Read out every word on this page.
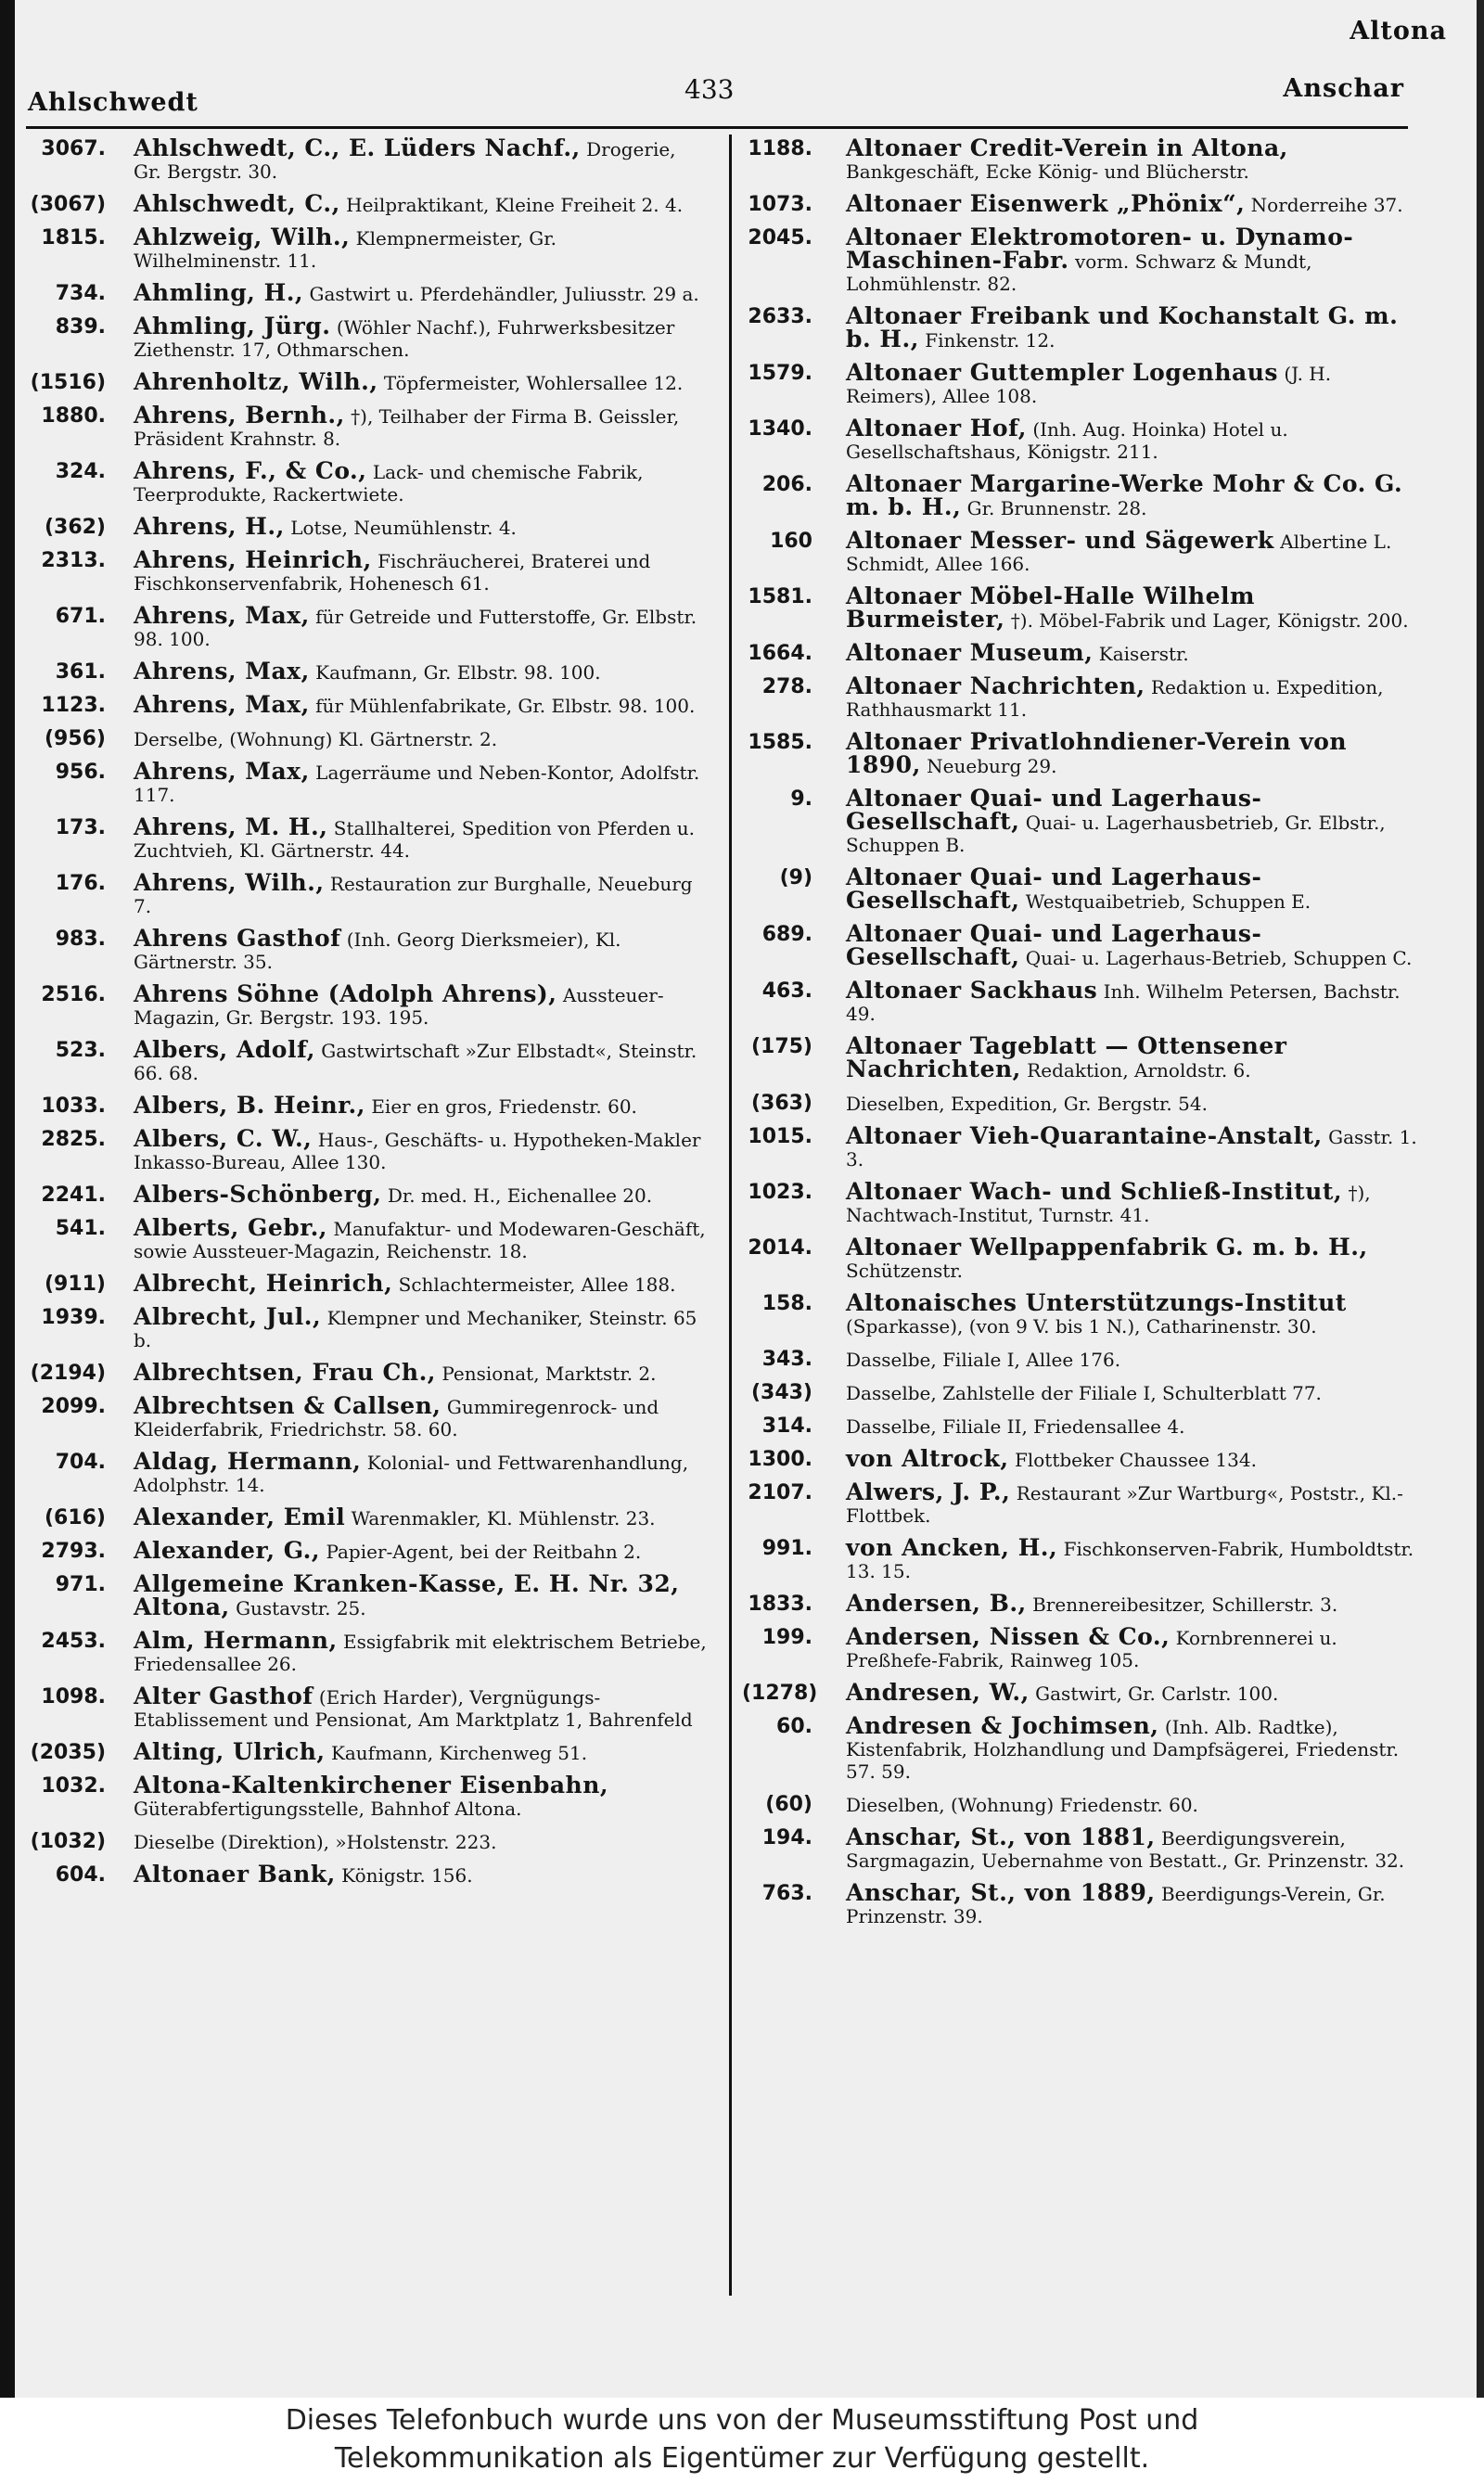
Ahlschwedt	433
Altona
Anschar
3067. Ahlschwedt, C., E. Lüders Nachf., Drogerie, Gr. Bergstr. 30.
(3067) Ahlschwedt, C., Heilpraktikant, Kleine Freiheit 2. 4.
1815. Ahlzweig, Wilh., Klempnermeister, Gr. Wilhelminenstr. 11.
734. Ahmling, H., Gastwirt u. Pferdehändler, Juliusstr. 29 a.
839. Ahmling, Jürg. (Wöhler Nachf.), Fuhrwerksbesitzer Ziethenstr. 17, Othmarschen.
(1516) Ahrenholtz, Wilh., Töpfermeister, Wohlersallee 12.
1880. Ahrens, Bernh., †), Teilhaber der Firma B. Geissler, Präsident Krahnstr. 8.
324. Ahrens, F., & Co., Lack- und chemische Fabrik, Teerprodukte, Rackertwiete.
(362) Ahrens, H., Lotse, Neumühlenstr. 4.
2313. Ahrens, Heinrich, Fischräucherei, Braterei und Fischkonservenfabrik, Hohenesch 61.
671. Ahrens, Max, für Getreide und Futterstoffe, Gr. Elbstr. 98. 100.
361. Ahrens, Max, Kaufmann, Gr. Elbstr. 98. 100.
1123. Ahrens, Max, für Mühlenfabrikate, Gr. Elbstr. 98. 100.
(956) Derselbe, (Wohnung) Kl. Gärtnerstr. 2.
956. Ahrens, Max, Lagerräume und Neben-Kontor, Adolfstr. 117.
173. Ahrens, M. H., Stallhalterei, Spedition von Pferden u. Zuchtvieh, Kl. Gärtnerstr. 44.
176. Ahrens, Wilh., Restauration zur Burghalle, Neueburg 7.
983. Ahrens Gasthof (Inh. Georg Dierksmeier), Kl. Gärtnerstr. 35.
2516. Ahrens Söhne (Adolph Ahrens), Aussteuer-Magazin, Gr. Bergstr. 193. 195.
523. Albers, Adolf, Gastwirtschaft »Zur Elbstadt«, Steinstr. 66. 68.
1033. Albers, B. Heinr., Eier en gros, Friedenstr. 60.
2825. Albers, C. W., Haus-, Geschäfts- u. Hypotheken-Makler Inkasso-Bureau, Allee 130.
2241. Albers-Schönberg, Dr. med. H., Eichenallee 20.
541. Alberts, Gebr., Manufaktur- und Modewaren-Geschäft, sowie Aussteuer-Magazin, Reichenstr. 18.
(911) Albrecht, Heinrich, Schlachtermeister, Allee 188.
1939. Albrecht, Jul., Klempner und Mechaniker, Steinstr. 65 b.
(2194) Albrechtsen, Frau Ch., Pensionat, Marktstr. 2.
2099. Albrechtsen & Callsen, Gummiregenrock- und Kleiderfabrik, Friedrichstr. 58. 60.
704. Aldag, Hermann, Kolonial- und Fettwarenhandlung, Adolphstr. 14.
(616) Alexander, Emil Warenmakler, Kl. Mühlenstr. 23.
2793. Alexander, G., Papier-Agent, bei der Reitbahn 2.
971. Allgemeine Kranken-Kasse, E. H. Nr. 32, Altona, Gustavstr. 25.
2453. Alm, Hermann, Essigfabrik mit elektrischem Betriebe, Friedensallee 26.
1098. Alter Gasthof (Erich Harder), Vergnügungs-Etablissement und Pensionat, Am Marktplatz 1, Bahrenfeld
(2035) Alting, Ulrich, Kaufmann, Kirchenweg 51.
1032. Altona-Kaltenkirchener Eisenbahn, Güterabfertigungsstelle, Bahnhof Altona.
(1032) Dieselbe (Direktion), »Holstenstr. 223.
604. Altonaer Bank, Königstr. 156.
1188. Altonaer Credit-Verein in Altona, Bankgeschäft, Ecke König- und Blücherstr.
1073. Altonaer Eisenwerk „Phönix“, Norderreihe 37.
2045. Altonaer Elektromotoren- u. Dynamo-Maschinen-Fabr. vorm. Schwarz & Mundt, Lohmühlenstr. 82.
2633. Altonaer Freibank und Kochanstalt G. m. b. H., Finkenstr. 12.
1579. Altonaer Guttempler Logenhaus (J. H. Reimers), Allee 108.
1340. Altonaer Hof, (Inh. Aug. Hoinka) Hotel u. Gesellschaftshaus, Königstr. 211.
206. Altonaer Margarine-Werke Mohr & Co. G. m. b. H., Gr. Brunnenstr. 28.
160 Altonaer Messer- und Sägewerk Albertine L. Schmidt, Allee 166.
1581. Altonaer Möbel-Halle Wilhelm Burmeister, †). Möbel-Fabrik und Lager, Königstr. 200.
1664. Altonaer Museum, Kaiserstr.
278. Altonaer Nachrichten, Redaktion u. Expedition, Rathhausmarkt 11.
1585. Altonaer Privatlohndiener-Verein von 1890, Neueburg 29.
9. Altonaer Quai- und Lagerhaus-Gesellschaft, Quai- u. Lagerhausbetrieb, Gr. Elbstr., Schuppen B.
(9) Altonaer Quai- und Lagerhaus-Gesellschaft, Westquaibetrieb, Schuppen E.
689. Altonaer Quai- und Lagerhaus-Gesellschaft, Quai- u. Lagerhaus-Betrieb, Schuppen C.
463. Altonaer Sackhaus Inh. Wilhelm Petersen, Bachstr. 49.
(175) Altonaer Tageblatt — Ottensener Nachrichten, Redaktion, Arnoldstr. 6.
(363) Dieselben, Expedition, Gr. Bergstr. 54.
1015. Altonaer Vieh-Quarantaine-Anstalt, Gasstr. 1. 3.
1023. Altonaer Wach- und Schließ-Institut, †), Nachtwach-Institut, Turnstr. 41.
2014. Altonaer Wellpappenfabrik G. m. b. H., Schützenstr.
158. Altonaisches Unterstützungs-Institut (Sparkasse), (von 9 V. bis 1 N.), Catharinenstr. 30.
343. Dasselbe, Filiale I, Allee 176.
(343) Dasselbe, Zahlstelle der Filiale I, Schulterblatt 77.
314. Dasselbe, Filiale II, Friedensallee 4.
1300. von Altrock, Flottbeker Chaussee 134.
2107. Alwers, J. P., Restaurant »Zur Wartburg«, Poststr., Kl.-Flottbek.
991. von Ancken, H., Fischkonserven-Fabrik, Humboldtstr. 13. 15.
1833. Andersen, B., Brennereibesitzer, Schillerstr. 3.
199. Andersen, Nissen & Co., Kornbrennerei u. Preßhefe-Fabrik, Rainweg 105.
(1278) Andresen, W., Gastwirt, Gr. Carlstr. 100.
60. Andresen & Jochimsen, (Inh. Alb. Radtke), Kistenfabrik, Holzhandlung und Dampfsägerei, Friedenstr. 57. 59.
(60) Dieselben, (Wohnung) Friedenstr. 60.
194. Anschar, St., von 1881, Beerdigungsverein, Sargmagazin, Uebernahme von Bestatt., Gr. Prinzenstr. 32.
763. Anschar, St., von 1889, Beerdigungs-Verein, Gr. Prinzenstr. 39.
Dieses Telefonbuch wurde uns von der Museumsstiftung Post und
Telekommunikation als Eigentümer zur Verfügung gestellt.
